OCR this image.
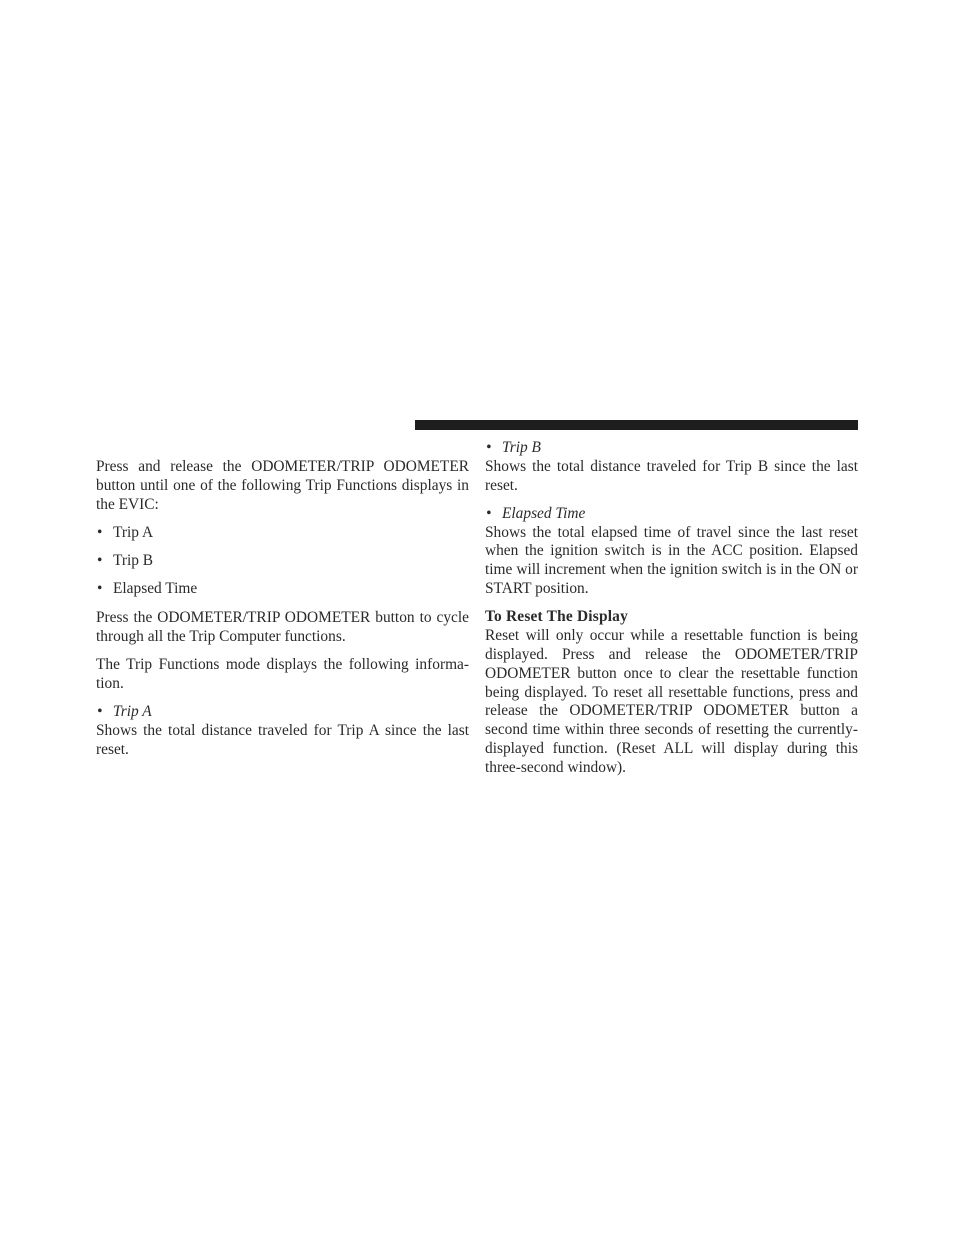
Press and release the ODOMETER/TRIP ODOMETER button until one of the following Trip Functions displays in the EVIC:

• Trip A
• Trip B
• Elapsed Time

Press the ODOMETER/TRIP ODOMETER button to cycle through all the Trip Computer functions.

The Trip Functions mode displays the following informa-tion.

• Trip A

Shows the total distance traveled for Trip A since the last reset.

• Trip B

Shows the total distance traveled for Trip B since the last reset.

• Elapsed Time

Shows the total elapsed time of travel since the last reset when the ignition switch is in the ACC position. Elapsed time will increment when the ignition switch is in the ON or START position.

To Reset The Display

Reset will only occur while a resettable function is being displayed. Press and release the ODOMETER/TRIP ODOMETER button once to clear the resettable function being displayed. To reset all resettable functions, press and release the ODOMETER/TRIP ODOMETER button a second time within three seconds of resetting the currently-displayed function. (Reset ALL will display during this three-second window).
